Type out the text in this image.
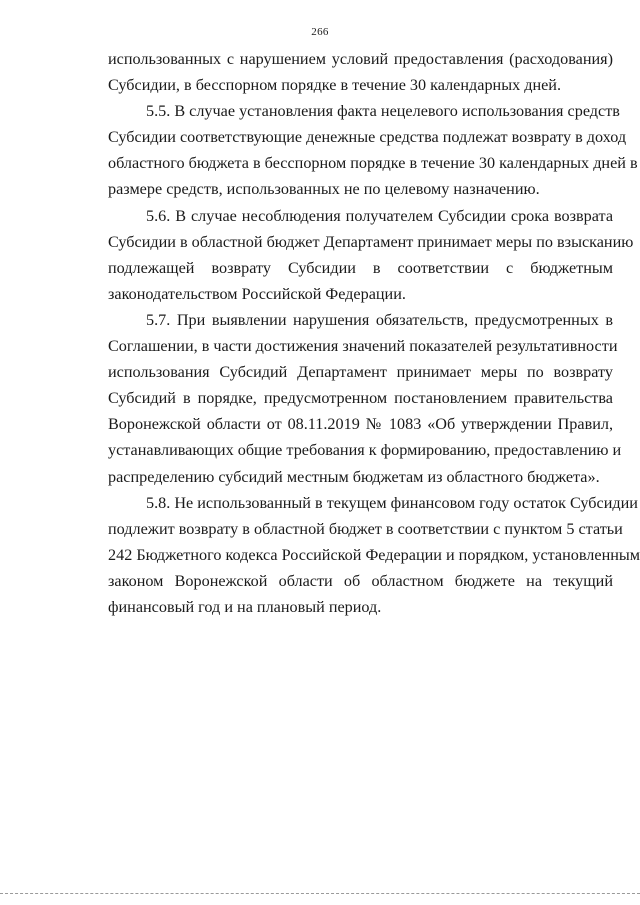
266
использованных с нарушением условий предоставления (расходования)
Субсидии, в бесспорном порядке в течение 30 календарных дней.
5.5. В случае установления факта нецелевого использования средств
Субсидии соответствующие денежные средства подлежат возврату в доход
областного бюджета в бесспорном порядке в течение 30 календарных дней в
размере средств, использованных не по целевому назначению.
5.6. В случае несоблюдения получателем Субсидии срока возврата
Субсидии в областной бюджет Департамент принимает меры по взысканию
подлежащей возврату Субсидии в соответствии с бюджетным
законодательством Российской Федерации.
5.7. При выявлении нарушения обязательств, предусмотренных в
Соглашении, в части достижения значений показателей результативности
использования Субсидий Департамент принимает меры по возврату
Субсидий в порядке, предусмотренном постановлением правительства
Воронежской области от 08.11.2019 № 1083 «Об утверждении Правил,
устанавливающих общие требования к формированию, предоставлению и
распределению субсидий местным бюджетам из областного бюджета».
5.8. Не использованный в текущем финансовом году остаток Субсидии
подлежит возврату в областной бюджет в соответствии с пунктом 5 статьи
242 Бюджетного кодекса Российской Федерации и порядком, установленным
законом Воронежской области об областном бюджете на текущий
финансовый год и на плановый период.
